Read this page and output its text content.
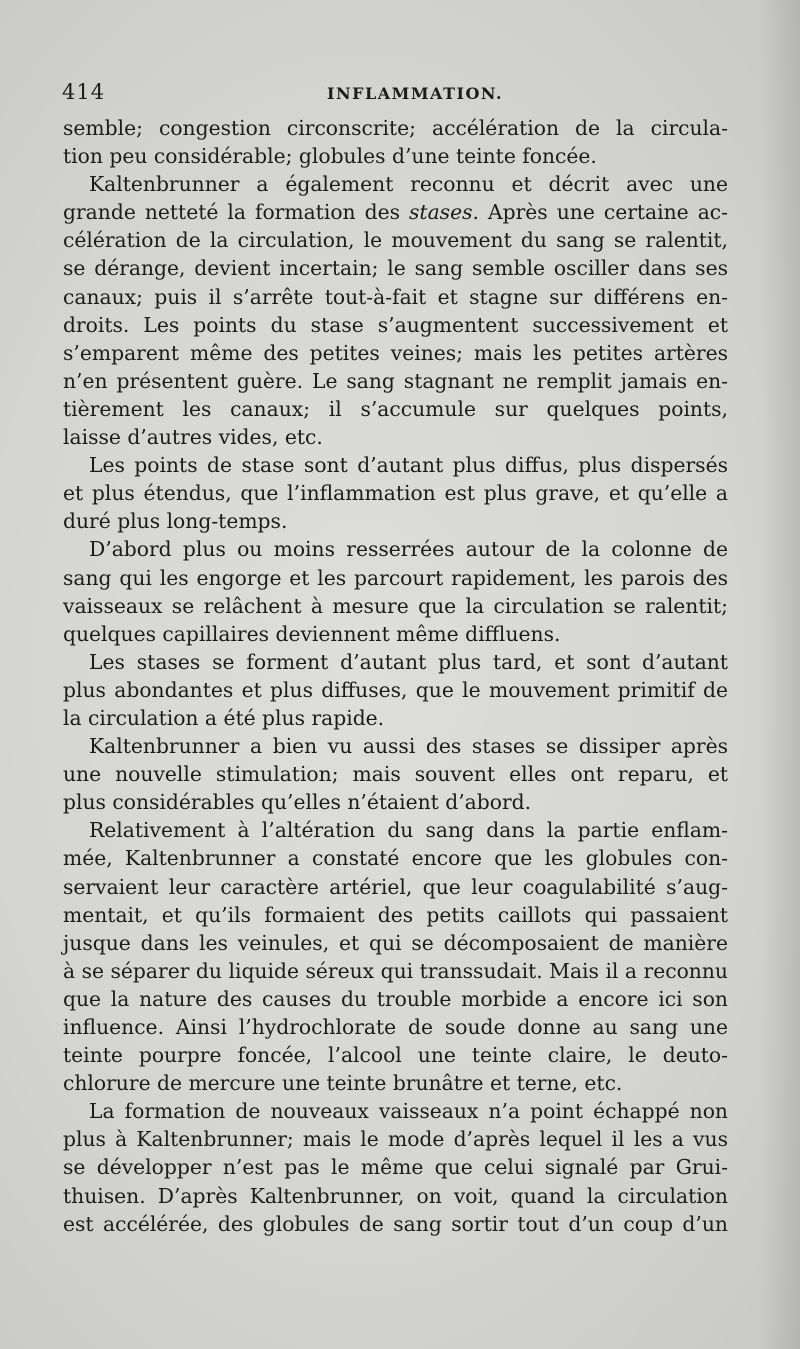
414	INFLAMMATION.
semble; congestion circonscrite; accélération de la circula-
tion peu considérable; globules d’une teinte foncée.
Kaltenbrunner a également reconnu et décrit avec une
grande netteté la formation des stases. Après une certaine ac-
célération de la circulation, le mouvement du sang se ralentit,
se dérange, devient incertain; le sang semble osciller dans ses
canaux; puis il s’arrête tout-à-fait et stagne sur différens en-
droits. Les points du stase s’augmentent successivement et
s’emparent même des petites veines; mais les petites artères
n’en présentent guère. Le sang stagnant ne remplit jamais en-
tièrement les canaux; il s’accumule sur quelques points,
laisse d’autres vides, etc.
Les points de stase sont d’autant plus diffus, plus dispersés
et plus étendus, que l’inflammation est plus grave, et qu’elle a
duré plus long-temps.
D’abord plus ou moins resserrées autour de la colonne de
sang qui les engorge et les parcourt rapidement, les parois des
vaisseaux se relâchent à mesure que la circulation se ralentit;
quelques capillaires deviennent même diffluens.
Les stases se forment d’autant plus tard, et sont d’autant
plus abondantes et plus diffuses, que le mouvement primitif de
la circulation a été plus rapide.
Kaltenbrunner a bien vu aussi des stases se dissiper après
une nouvelle stimulation; mais souvent elles ont reparu, et
plus considérables qu’elles n’étaient d’abord.
Relativement à l’altération du sang dans la partie enflam-
mée, Kaltenbrunner a constaté encore que les globules con-
servaient leur caractère artériel, que leur coagulabilité s’aug-
mentait, et qu’ils formaient des petits caillots qui passaient
jusque dans les veinules, et qui se décomposaient de manière
à se séparer du liquide séreux qui transsudait. Mais il a reconnu
que la nature des causes du trouble morbide a encore ici son
influence. Ainsi l’hydrochlorate de soude donne au sang une
teinte pourpre foncée, l’alcool une teinte claire, le deuto-
chlorure de mercure une teinte brunâtre et terne, etc.
La formation de nouveaux vaisseaux n’a point échappé non
plus à Kaltenbrunner; mais le mode d’après lequel il les a vus
se développer n’est pas le même que celui signalé par Grui-
thuisen. D’après Kaltenbrunner, on voit, quand la circulation
est accélérée, des globules de sang sortir tout d’un coup d’un
